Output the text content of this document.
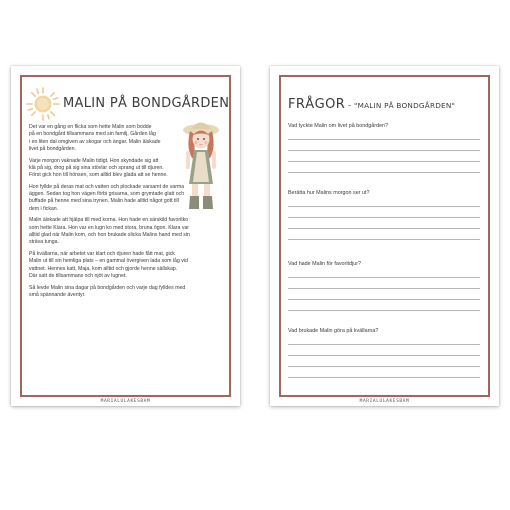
MALIN PÅ BONDGÅRDEN

Det var en gång en flicka som hette Malin som bodde
på en bondgård tillsammans med sin familj. Gården låg
i en liten dal omgiven av skogar och ängar. Malin älskade
livet på bondgården.

Varje morgon vaknade Malin tidigt. Hon skyndade sig att
klä på sig, drog på sig sina stövlar och sprang ut till djuren.
Först gick hon till hönsen, som alltid blev glada att se henne.

Hon fyllde på deras mat och vatten och plockade varsamt de varma
äggen. Sedan tog hon vägen förbi grisarna, som grymtade glatt och
buffade på henne med sina trynen. Malin hade alltid något gott till
dem i fickan.

Malin älskade att hjälpa till med korna. Hon hade en särskild favoritko
som hette Klara. Hon var en lugn ko med stora, bruna ögon. Klara var
alltid glad när Malin kom, och hon brukade slicka Malins hand med sin
sträva tunga.

På kvällarna, när arbetet var klart och djuren hade fått mat, gick
Malin ut till sin hemliga plats – en gammal övergiven lada som låg vid
vattnet. Hennes katt, Maja, kom alltid och gjorde henne sällskap.
Där satt de tillsammans och njöt av lugnet.

Så levde Malin sina dagar på bondgården och varje dag fylldes med
små spännande äventyr.

MARIALULAKESBAM
FRÅGOR – "MALIN PÅ BONDGÅRDEN"
Vad tyckte Malin om livet på bondgården?
Berätta hur Malins morgon ser ut?
Vad hade Malin för favoritdjur?
Vad brukade Malin göra på kvällarna?
MARIALULAKESBAM
